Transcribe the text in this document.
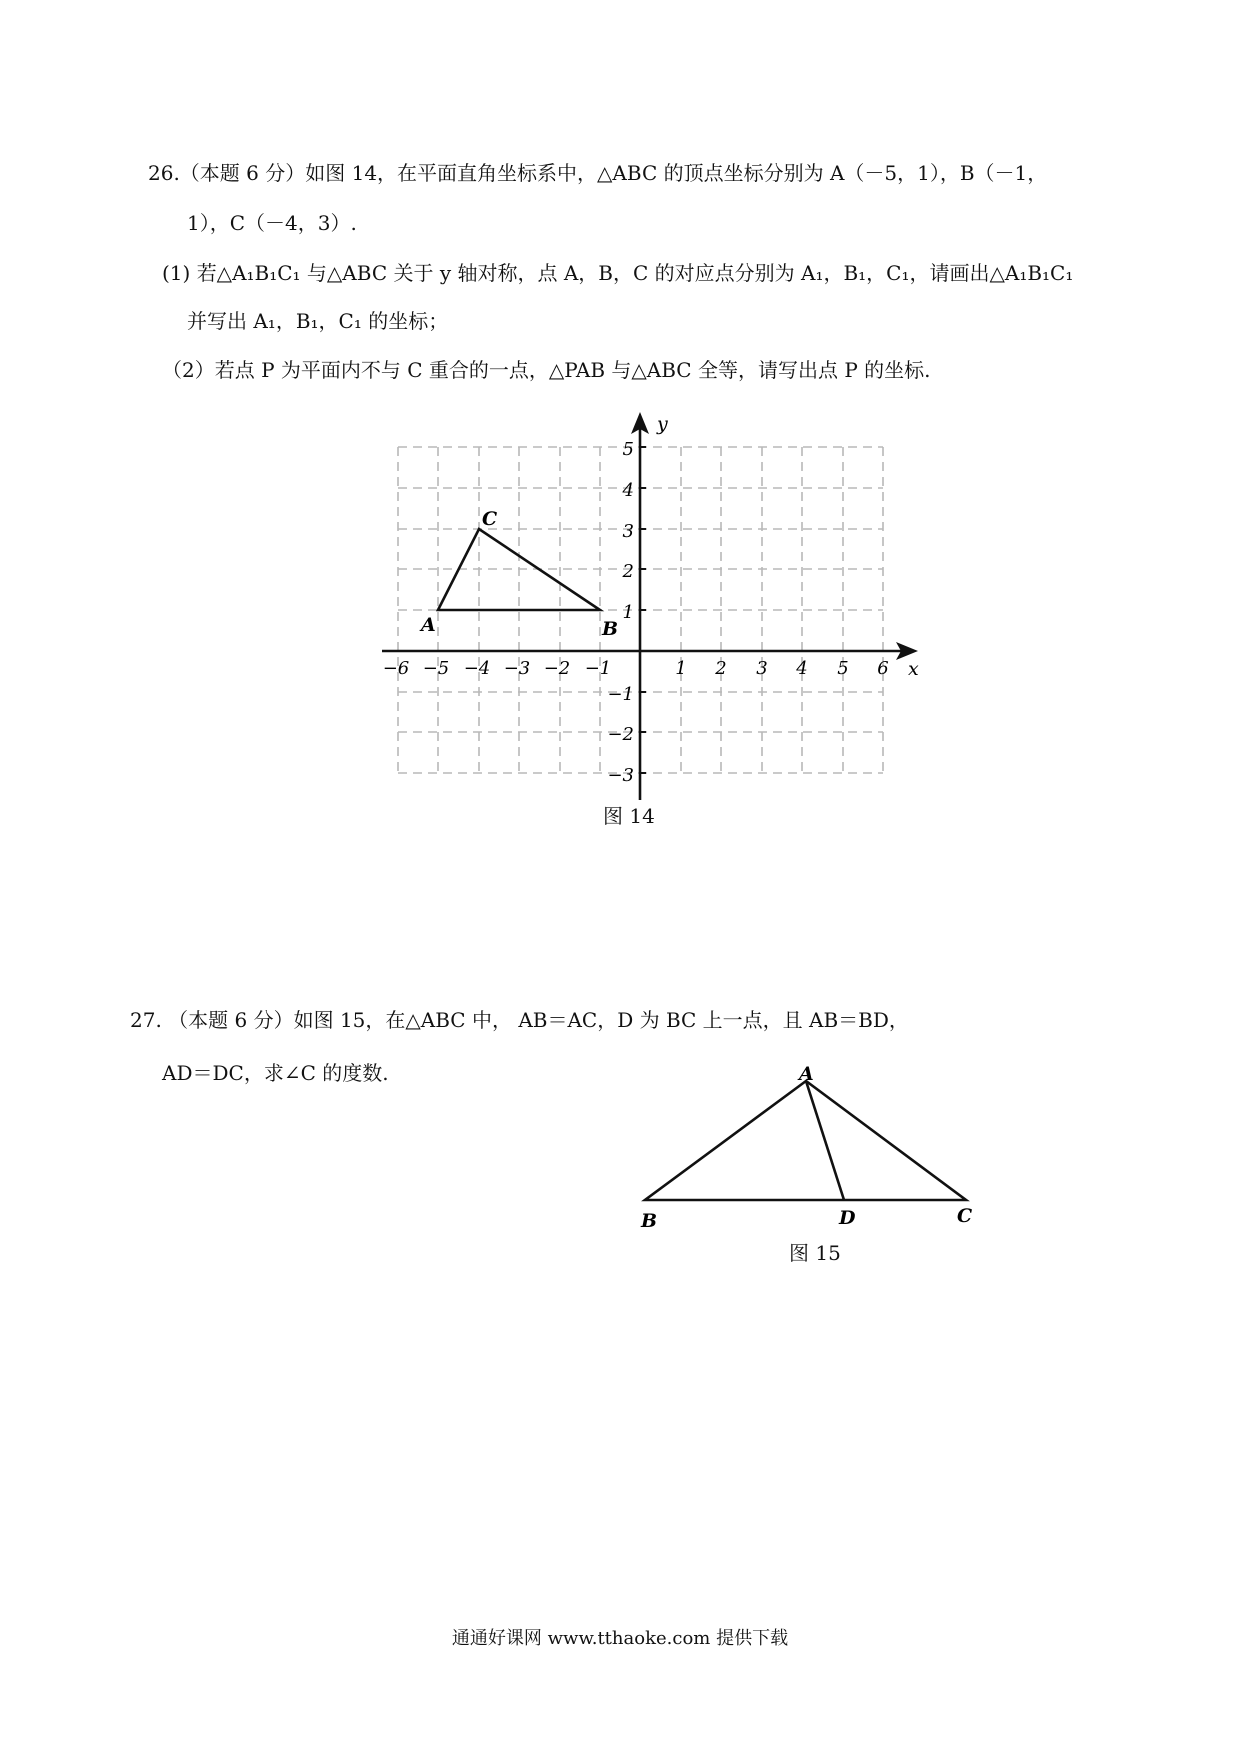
26.（本题 6 分）如图 14，在平面直角坐标系中，△ABC 的顶点坐标分别为 A（－5，1），B（－1，
1），C（－4，3）.
(1) 若△A₁B₁C₁ 与△ABC 关于 y 轴对称，点 A，B，C 的对应点分别为 A₁，B₁，C₁，请画出△A₁B₁C₁
并写出 A₁，B₁，C₁ 的坐标；
（2）若点 P 为平面内不与 C 重合的一点，△PAB 与△ABC 全等，请写出点 P 的坐标.
−6 −5 −4 −3 −2 −1	1 2 3 4 5 6
5
4
3
2
1
−1
−2
−3
x
y
A	B
C
图 14
27. （本题 6 分）如图 15，在△ABC 中， AB＝AC，D 为 BC 上一点，且 AB＝BD，
AD＝DC，求∠C 的度数.	A
B	D	C
图 15
通通好课网 www.tthaoke.com 提供下载
